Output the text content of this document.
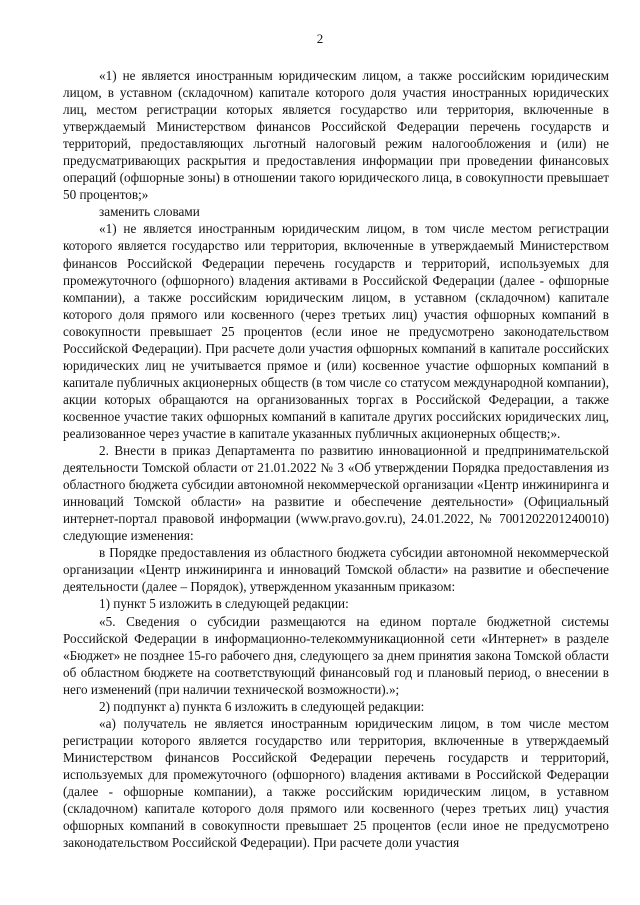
2

«1) не является иностранным юридическим лицом, а также российским юридическим лицом, в уставном (складочном) капитале которого доля участия иностранных юридических лиц, местом регистрации которых является государство или территория, включенные в утверждаемый Министерством финансов Российской Федерации перечень государств и территорий, предоставляющих льготный налоговый режим налогообложения и (или) не предусматривающих раскрытия и предоставления информации при проведении финансовых операций (офшорные зоны) в отношении такого юридического лица, в совокупности превышает 50 процентов;»

заменить словами

«1) не является иностранным юридическим лицом, в том числе местом регистрации которого является государство или территория, включенные в утверждаемый Министерством финансов Российской Федерации перечень государств и территорий, используемых для промежуточного (офшорного) владения активами в Российской Федерации (далее - офшорные компании), а также российским юридическим лицом, в уставном (складочном) капитале которого доля прямого или косвенного (через третьих лиц) участия офшорных компаний в совокупности превышает 25 процентов (если иное не предусмотрено законодательством Российской Федерации). При расчете доли участия офшорных компаний в капитале российских юридических лиц не учитывается прямое и (или) косвенное участие офшорных компаний в капитале публичных акционерных обществ (в том числе со статусом международной компании), акции которых обращаются на организованных торгах в Российской Федерации, а также косвенное участие таких офшорных компаний в капитале других российских юридических лиц, реализованное через участие в капитале указанных публичных акционерных обществ;».

2. Внести в приказ Департамента по развитию инновационной и предпринимательской деятельности Томской области от 21.01.2022 № 3 «Об утверждении Порядка предоставления из областного бюджета субсидии автономной некоммерческой организации «Центр инжиниринга и инноваций Томской области» на развитие и обеспечение деятельности» (Официальный интернет-портал правовой информации (www.pravo.gov.ru), 24.01.2022, № 7001202201240010) следующие изменения:

в Порядке предоставления из областного бюджета субсидии автономной некоммерческой организации «Центр инжиниринга и инноваций Томской области» на развитие и обеспечение деятельности (далее – Порядок), утвержденном указанным приказом:

1) пункт 5 изложить в следующей редакции:

«5. Сведения о субсидии размещаются на едином портале бюджетной системы Российской Федерации в информационно-телекоммуникационной сети «Интернет» в разделе «Бюджет» не позднее 15-го рабочего дня, следующего за днем принятия закона Томской области об областном бюджете на соответствующий финансовый год и плановый период, о внесении в него изменений (при наличии технической возможности).»;

2) подпункт а) пункта 6 изложить в следующей редакции:

«а) получатель не является иностранным юридическим лицом, в том числе местом регистрации которого является государство или территория, включенные в утверждаемый Министерством финансов Российской Федерации перечень государств и территорий, используемых для промежуточного (офшорного) владения активами в Российской Федерации (далее - офшорные компании), а также российским юридическим лицом, в уставном (складочном) капитале которого доля прямого или косвенного (через третьих лиц) участия офшорных компаний в совокупности превышает 25 процентов (если иное не предусмотрено законодательством Российской Федерации). При расчете доли участия
